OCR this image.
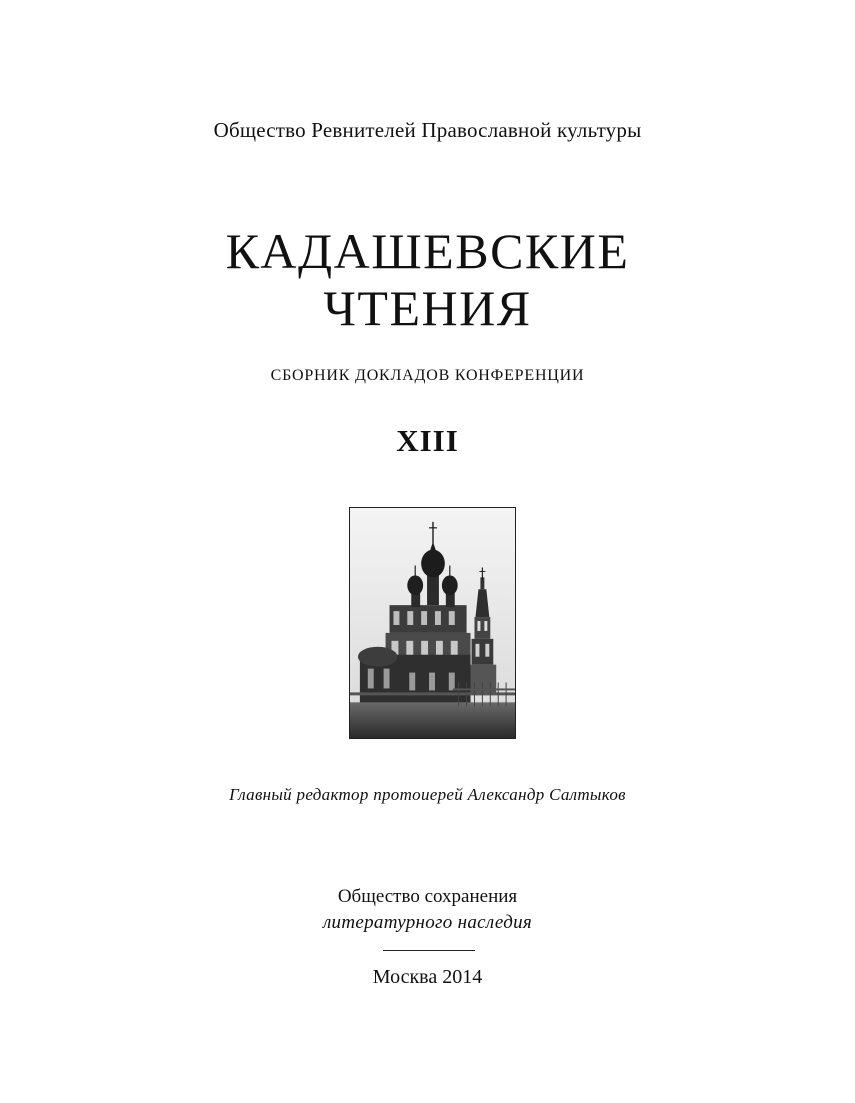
Общество Ревнителей Православной культуры
КАДАШЕВСКИЕ
ЧТЕНИЯ
СБОРНИК ДОКЛАДОВ КОНФЕРЕНЦИИ
XIII
Главный редактор протоиерей Александр Салтыков
Общество сохранения
литературного наследия
Москва 2014
